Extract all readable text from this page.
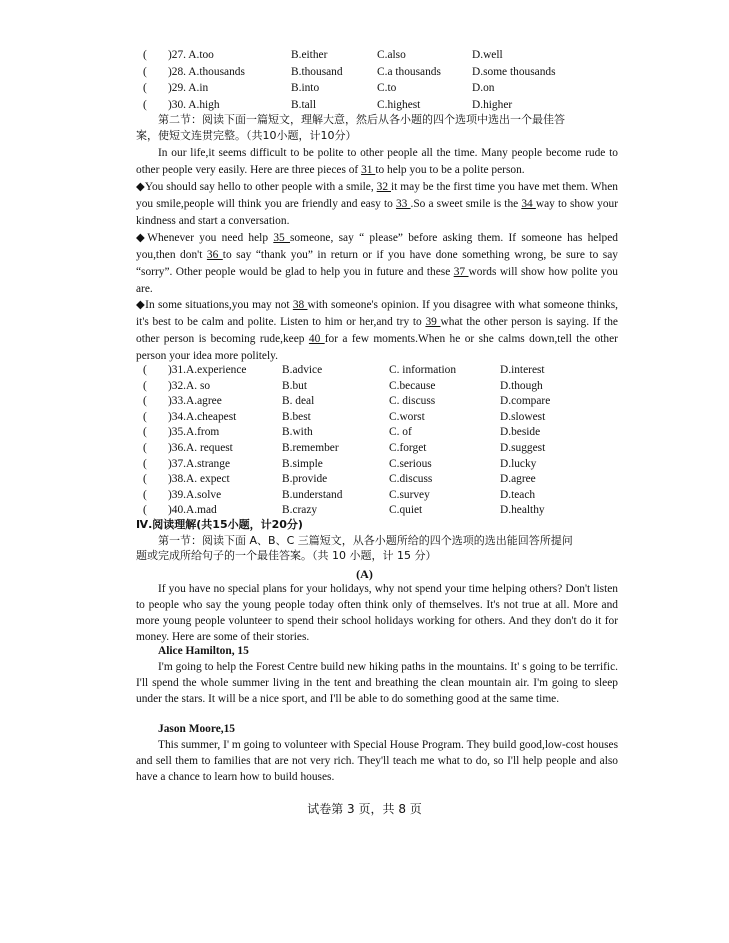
( )27. A.too	B.either	C.also	D.well
( )28. A.thousands	B.thousand	C.a thousands	D.some thousands
( )29. A.in	B.into	C.to	D.on
( )30. A.high	B.tall	C.highest	D.higher
第二节：阅读下面一篇短文，理解大意，然后从各小题的四个选项中选出一个最佳答
案，使短文连贯完整。（共10小题，计10分）
In our life,it seems difficult to be polite to other people all the time. Many people become rude to other people very easily. Here are three pieces of 31 to help you to be a polite person.
◆You should say hello to other people with a smile, 32 it may be the first time you have met them. When you smile,people will think you are friendly and easy to 33 .So a sweet smile is the 34 way to show your kindness and start a conversation.
◆Whenever you need help 35 someone, say “ please” before asking them. If someone has helped you,then don't 36 to say “thank you” in return or if you have done something wrong, be sure to say “sorry”. Other people would be glad to help you in future and these 37 words will show how polite you are.
◆In some situations,you may not 38 with someone's opinion. If you disagree with what someone thinks, it's best to be calm and polite. Listen to him or her,and try to 39 what the other person is saying. If the other person is becoming rude,keep 40 for a few moments.When he or she calms down,tell the other person your idea more politely.
( )31.A.experience	B.advice	C. information	D.interest
( )32.A. so	B.but	C.because	D.though
( )33.A.agree	B. deal	C. discuss	D.compare
( )34.A.cheapest	B.best	C.worst	D.slowest
( )35.A.from	B.with	C. of	D.beside
( )36.A. request	B.remember	C.forget	D.suggest
( )37.A.strange	B.simple	C.serious	D.lucky
( )38.A. expect	B.provide	C.discuss	D.agree
( )39.A.solve	B.understand	C.survey	D.teach
( )40.A.mad	B.crazy	C.quiet	D.healthy
Ⅳ.阅读理解(共15小题，计20分)
第一节：阅读下面 A、B、C 三篇短文，从各小题所给的四个选项的选出能回答所提问
题或完成所给句子的一个最佳答案。（共 10 小题，计 15 分）
(A)
If you have no special plans for your holidays, why not spend your time helping others? Don't listen to people who say the young people today often think only of themselves. It's not true at all. More and more young people volunteer to spend their school holidays working for others. And they don't do it for money. Here are some of their stories.
Alice Hamilton, 15
I'm going to help the Forest Centre build new hiking paths in the mountains. It' s going to be terrific. I'll spend the whole summer living in the tent and breathing the clean mountain air. I'm going to sleep under the stars. It will be a nice sport, and I'll be able to do something good at the same time.
Jason Moore,15
This summer, I' m going to volunteer with Special House Program. They build good,low-cost houses and sell them to families that are not very rich. They'll teach me what to do, so I'll help people and also have a chance to learn how to build houses.
试卷第 3 页，共 8 页
